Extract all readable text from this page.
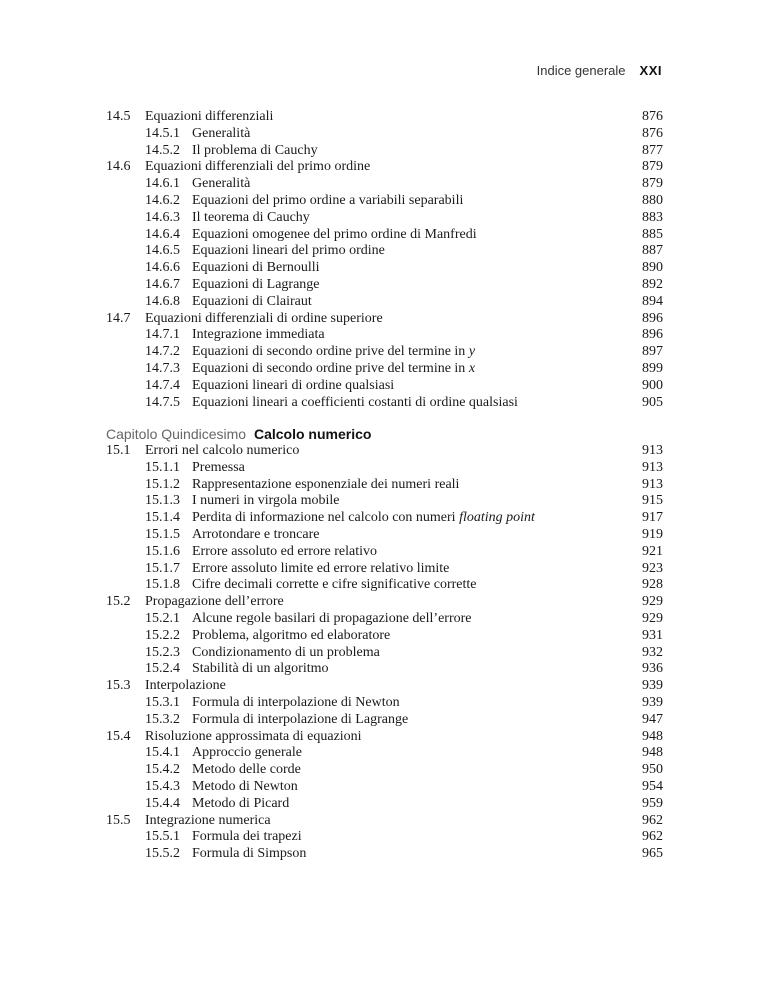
Indice generale XXI
14.5	Equazioni differenziali	876
14.5.1 Generalità	876
14.5.2 Il problema di Cauchy	877
14.6	Equazioni differenziali del primo ordine	879
14.6.1 Generalità	879
14.6.2 Equazioni del primo ordine a variabili separabili	880
14.6.3 Il teorema di Cauchy	883
14.6.4 Equazioni omogenee del primo ordine di Manfredi	885
14.6.5 Equazioni lineari del primo ordine	887
14.6.6 Equazioni di Bernoulli	890
14.6.7 Equazioni di Lagrange	892
14.6.8 Equazioni di Clairaut	894
14.7	Equazioni differenziali di ordine superiore	896
14.7.1 Integrazione immediata	896
14.7.2 Equazioni di secondo ordine prive del termine in y	897
14.7.3 Equazioni di secondo ordine prive del termine in x	899
14.7.4 Equazioni lineari di ordine qualsiasi	900
14.7.5 Equazioni lineari a coefficienti costanti di ordine qualsiasi	905
Capitolo Quindicesimo Calcolo numerico
15.1	Errori nel calcolo numerico	913
15.1.1 Premessa	913
15.1.2 Rappresentazione esponenziale dei numeri reali	913
15.1.3 I numeri in virgola mobile	915
15.1.4 Perdita di informazione nel calcolo con numeri floating point	917
15.1.5 Arrotondare e troncare	919
15.1.6 Errore assoluto ed errore relativo	921
15.1.7 Errore assoluto limite ed errore relativo limite	923
15.1.8 Cifre decimali corrette e cifre significative corrette	928
15.2	Propagazione dell’errore	929
15.2.1 Alcune regole basilari di propagazione dell’errore	929
15.2.2 Problema, algoritmo ed elaboratore	931
15.2.3 Condizionamento di un problema	932
15.2.4 Stabilità di un algoritmo	936
15.3	Interpolazione	939
15.3.1 Formula di interpolazione di Newton	939
15.3.2 Formula di interpolazione di Lagrange	947
15.4	Risoluzione approssimata di equazioni	948
15.4.1 Approccio generale	948
15.4.2 Metodo delle corde	950
15.4.3 Metodo di Newton	954
15.4.4 Metodo di Picard	959
15.5	Integrazione numerica	962
15.5.1 Formula dei trapezi	962
15.5.2 Formula di Simpson	965
